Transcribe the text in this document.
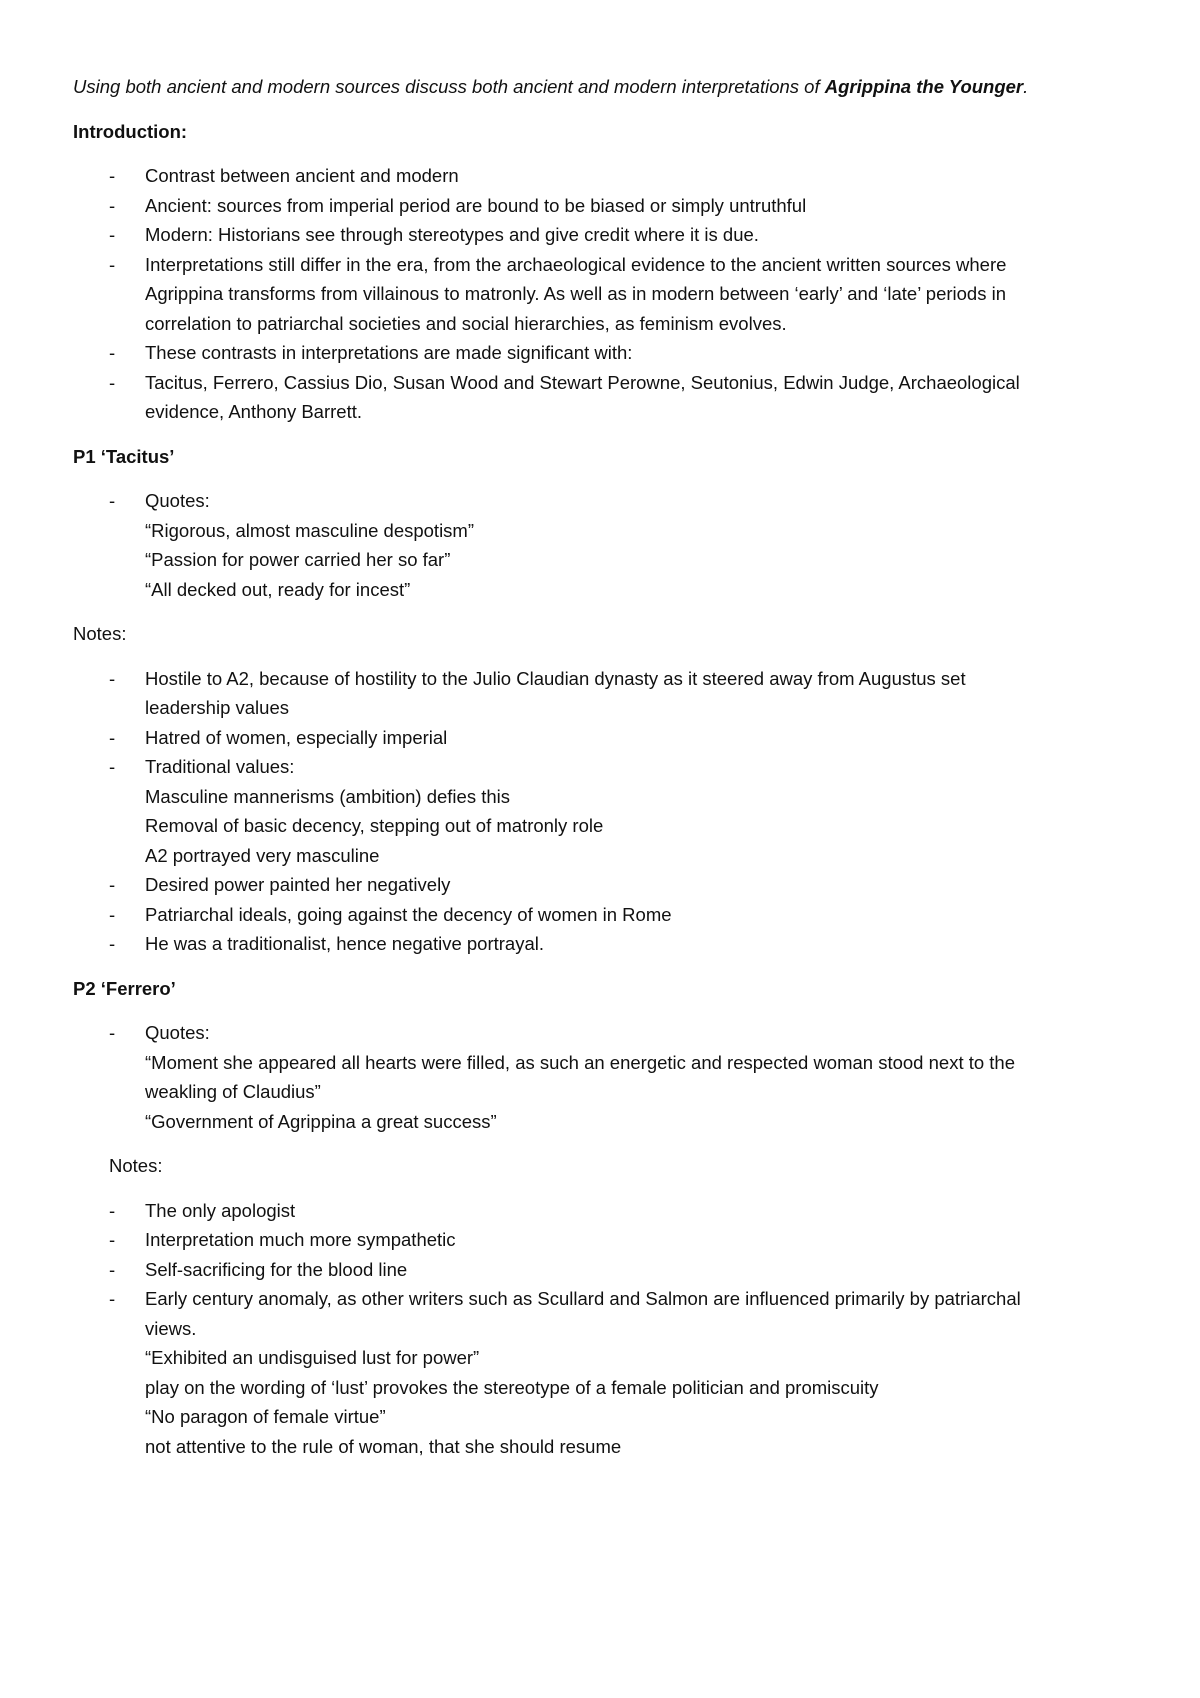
Using both ancient and modern sources discuss both ancient and modern interpretations of Agrippina the Younger.
Introduction:
- Contrast between ancient and modern
- Ancient: sources from imperial period are bound to be biased or simply untruthful
- Modern: Historians see through stereotypes and give credit where it is due.
- Interpretations still differ in the era, from the archaeological evidence to the ancient written sources where
Agrippina transforms from villainous to matronly. As well as in modern between ‘early’ and ‘late’ periods in
correlation to patriarchal societies and social hierarchies, as feminism evolves.
- These contrasts in interpretations are made significant with:
- Tacitus, Ferrero, Cassius Dio, Susan Wood and Stewart Perowne, Seutonius, Edwin Judge, Archaeological
evidence, Anthony Barrett.
P1 ‘Tacitus’
- Quotes:
“Rigorous, almost masculine despotism”
“Passion for power carried her so far”
“All decked out, ready for incest”
Notes:
- Hostile to A2, because of hostility to the Julio Claudian dynasty as it steered away from Augustus set
leadership values
- Hatred of women, especially imperial
- Traditional values:
Masculine mannerisms (ambition) defies this
Removal of basic decency, stepping out of matronly role
A2 portrayed very masculine
- Desired power painted her negatively
- Patriarchal ideals, going against the decency of women in Rome
- He was a traditionalist, hence negative portrayal.
P2 ‘Ferrero’
- Quotes:
“Moment she appeared all hearts were filled, as such an energetic and respected woman stood next to the
weakling of Claudius”
“Government of Agrippina a great success”
Notes:
- The only apologist
- Interpretation much more sympathetic
- Self-sacrificing for the blood line
- Early century anomaly, as other writers such as Scullard and Salmon are influenced primarily by patriarchal
views.
“Exhibited an undisguised lust for power”
play on the wording of ‘lust’ provokes the stereotype of a female politician and promiscuity
“No paragon of female virtue”
not attentive to the rule of woman, that she should resume
